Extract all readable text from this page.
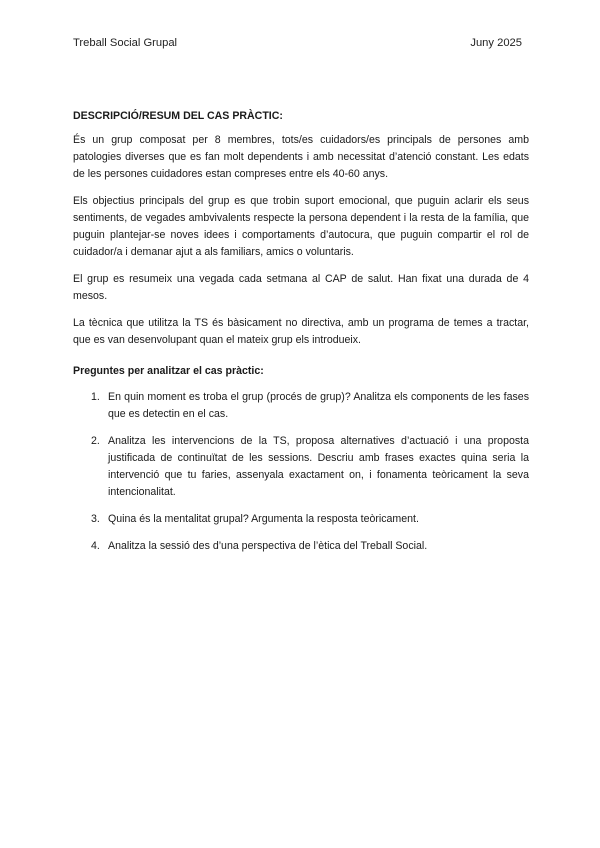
Treball Social Grupal	Juny 2025

DESCRIPCIÓ/RESUM DEL CAS PRÀCTIC:

És un grup composat per 8 membres, tots/es cuidadors/es principals de persones amb patologies diverses que es fan molt dependents i amb necessitat d’atenció constant. Les edats de les persones cuidadores estan compreses entre els 40-60 anys.

Els objectius principals del grup es que trobin suport emocional, que puguin aclarir els seus sentiments, de vegades ambvivalents respecte la persona dependent i la resta de la família, que puguin plantejar-se noves idees i comportaments d’autocura, que puguin compartir el rol de cuidador/a i demanar ajut a als familiars, amics o voluntaris.

El grup es resumeix una vegada cada setmana al CAP de salut. Han fixat una durada de 4 mesos.

La tècnica que utilitza la TS és bàsicament no directiva, amb un programa de temes a tractar, que es van desenvolupant quan el mateix grup els introdueix.

Preguntes per analitzar el cas pràctic:

1. En quin moment es troba el grup (procés de grup)? Analitza els components de les fases que es detectin en el cas.
2. Analitza les intervencions de la TS, proposa alternatives d’actuació i una proposta justificada de continuïtat de les sessions. Descriu amb frases exactes quina seria la intervenció que tu faries, assenyala exactament on, i fonamenta teòricament la seva intencionalitat.
3. Quina és la mentalitat grupal? Argumenta la resposta teòricament.
4. Analitza la sessió des d’una perspectiva de l’ètica del Treball Social.
